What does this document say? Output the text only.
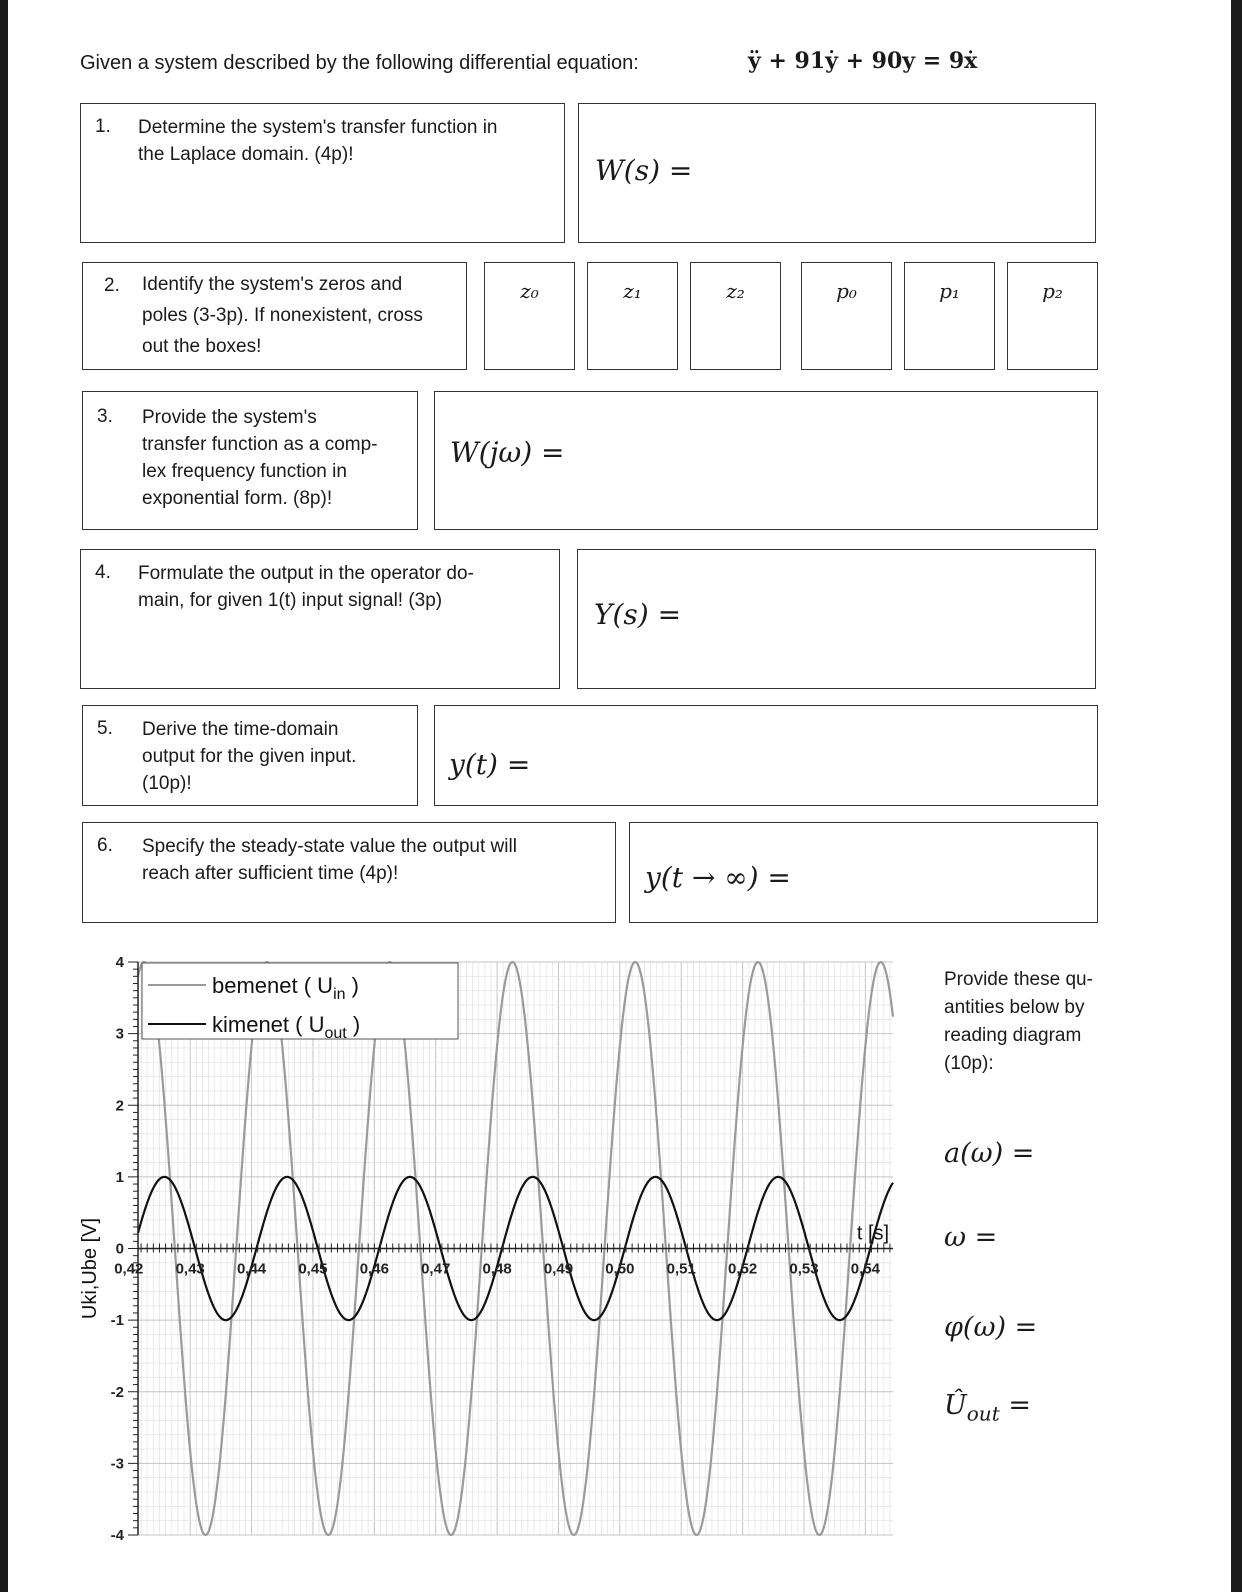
Given a system described by the following differential equation:	ÿ + 91ẏ + 90y = 9ẋ
1. Determine the system's transfer function in
the Laplace domain. (4p)!	W(s) =
2. Identify the system's zeros and
poles (3-3p). If nonexistent, cross
out the boxes!
z₀	z₁	z₂	p₀	p₁	p₂
3. Provide the system's
transfer function as a comp-
lex frequency function in
exponential form. (8p)!
W(jω) =
4. Formulate the output in the operator do-
main, for given 1(t) input signal! (3p)	Y(s) =
5. Derive the time-domain
output for the given input.
(10p)!
y(t) =
6. Specify the steady-state value the output will
reach after sufficient time (4p)!	y(t → ∞) =
Provide these qu-
antities below by
reading diagram
(10p):
a(ω) =
ω =
φ(ω) =
$Û_{out}$ =
4
3
2
1
0
-1
-2
-3
-4
0,42 0,43 0,44 0,45 0,46 0,47 0,48 0,49 0,50 0,51 0,52 0,53 0,54
t [s]
Uki,Ube [V]
bemenet ( $U_{in}$ )
kimenet ( $U_{out}$ )
